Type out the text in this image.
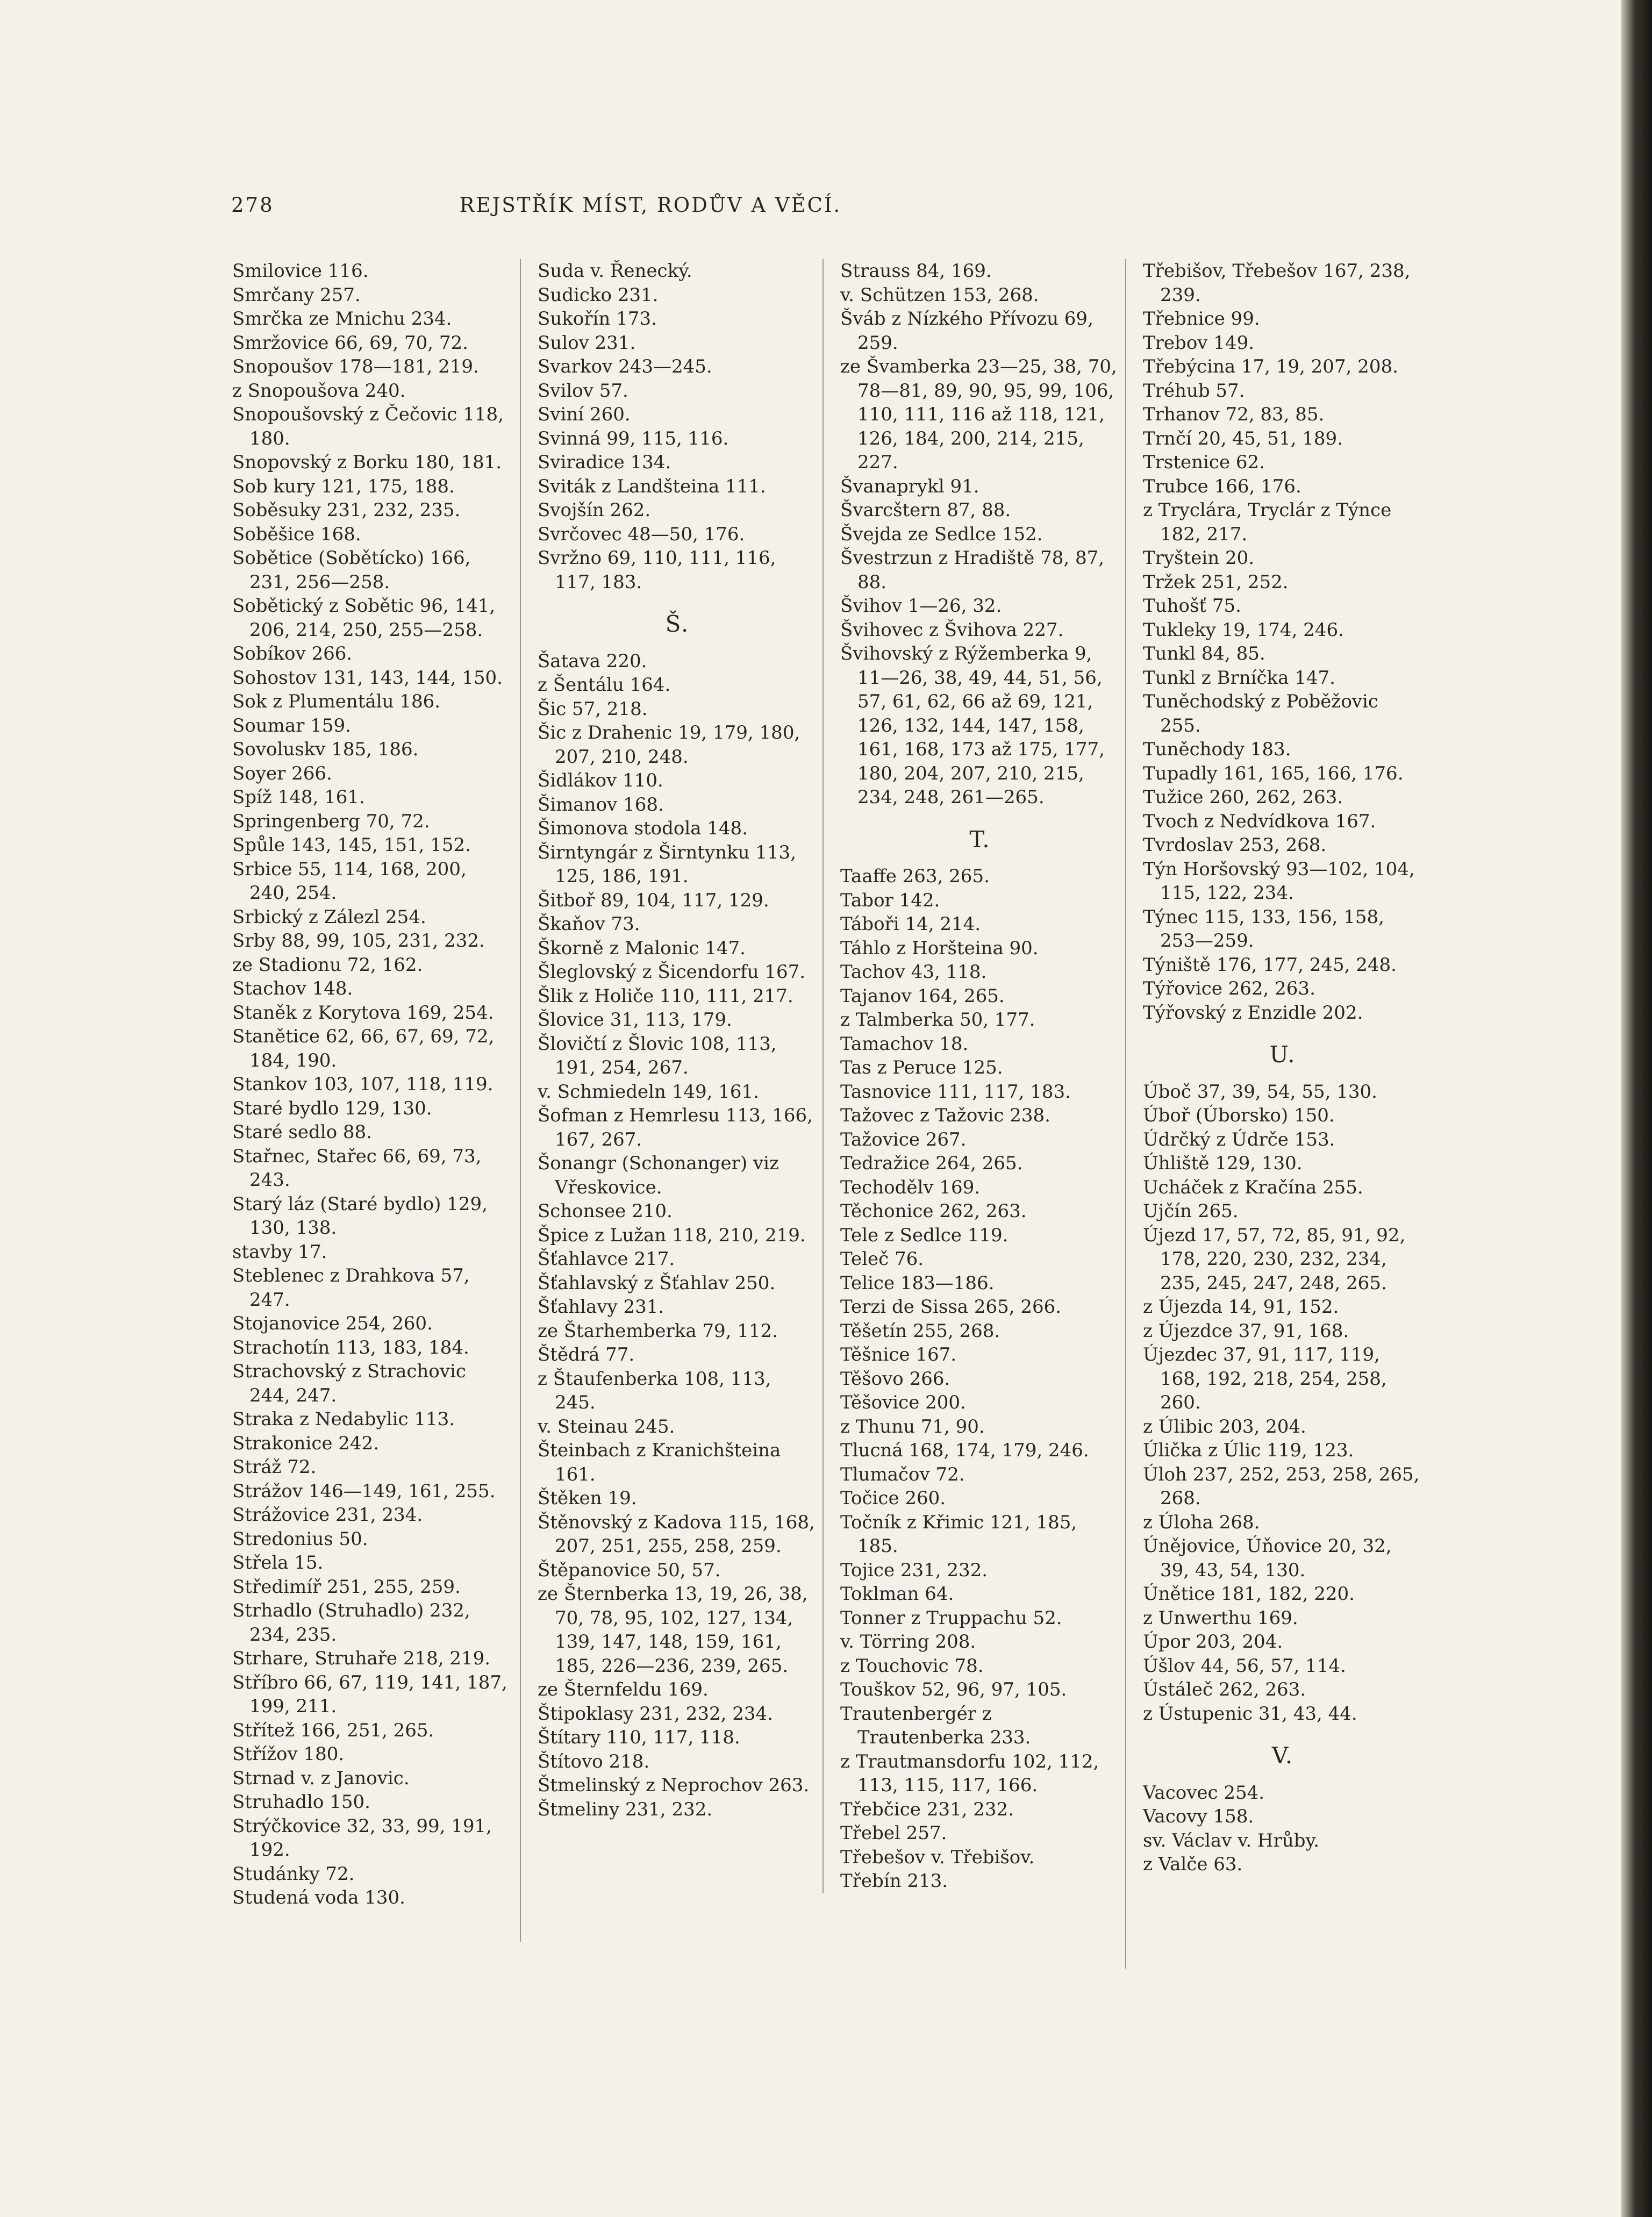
278	REJSTŘÍK MÍST, RODŮV A VĚCÍ.
Smilovice 116.
Smrčany 257.
Smrčka ze Mnichu 234.
Smržovice 66, 69, 70, 72.
Snopoušov 178—181, 219.
z Snopoušova 240.
Snopoušovský z Čečovic 118, 180.
Snopovský z Borku 180, 181.
Sob kury 121, 175, 188.
Soběsuky 231, 232, 235.
Soběšice 168.
Sobětice (Sobětícko) 166, 231, 256—258.
Sobětický z Sobětic 96, 141, 206, 214, 250, 255—258.
Sobíkov 266.
Sohostov 131, 143, 144, 150.
Sok z Plumentálu 186.
Soumar 159.
Sovoluskv 185, 186.
Soyer 266.
Spíž 148, 161.
Springenberg 70, 72.
Spůle 143, 145, 151, 152.
Srbice 55, 114, 168, 200, 240, 254.
Srbický z Zálezl 254.
Srby 88, 99, 105, 231, 232.
ze Stadionu 72, 162.
Stachov 148.
Staněk z Korytova 169, 254.
Stanětice 62, 66, 67, 69, 72, 184, 190.
Stankov 103, 107, 118, 119.
Staré bydlo 129, 130.
Staré sedlo 88.
Stařnec, Stařec 66, 69, 73, 243.
Starý láz (Staré bydlo) 129, 130, 138.
stavby 17.
Steblenec z Drahkova 57, 247.
Stojanovice 254, 260.
Strachotín 113, 183, 184.
Strachovský z Strachovic 244, 247.
Straka z Nedabylic 113.
Strakonice 242.
Stráž 72.
Strážov 146—149, 161, 255.
Strážovice 231, 234.
Stredonius 50.
Střela 15.
Středimíř 251, 255, 259.
Strhadlo (Struhadlo) 232, 234, 235.
Strhare, Struhaře 218, 219.
Stříbro 66, 67, 119, 141, 187, 199, 211.
Střítež 166, 251, 265.
Střížov 180.
Strnad v. z Janovic.
Struhadlo 150.
Strýčkovice 32, 33, 99, 191, 192.
Studánky 72.
Studená voda 130.
Suda v. Řenecký.
Sudicko 231.
Sukořín 173.
Sulov 231.
Svarkov 243—245.
Svilov 57.
Sviní 260.
Svinná 99, 115, 116.
Sviradice 134.
Sviták z Landšteina 111.
Svojšín 262.
Svrčovec 48—50, 176.
Svržno 69, 110, 111, 116, 117, 183.
Š.
Šatava 220.
z Šentálu 164.
Šic 57, 218.
Šic z Drahenic 19, 179, 180, 207, 210, 248.
Šidlákov 110.
Šimanov 168.
Šimonova stodola 148.
Širntyngár z Širntynku 113, 125, 186, 191.
Šitboř 89, 104, 117, 129.
Škaňov 73.
Škorně z Malonic 147.
Šleglovský z Šicendorfu 167.
Šlik z Holiče 110, 111, 217.
Šlovice 31, 113, 179.
Šlovičtí z Šlovic 108, 113, 191, 254, 267.
v. Schmiedeln 149, 161.
Šofman z Hemrlesu 113, 166, 167, 267.
Šonangr (Schonanger) viz Vřeskovice.
Schonsee 210.
Špice z Lužan 118, 210, 219.
Šťahlavce 217.
Šťahlavský z Šťahlav 250.
Šťahlavy 231.
ze Štarhemberka 79, 112.
Štědrá 77.
z Štaufenberka 108, 113, 245.
v. Steinau 245.
Šteinbach z Kranichšteina 161.
Štěken 19.
Štěnovský z Kadova 115, 168, 207, 251, 255, 258, 259.
Štěpanovice 50, 57.
ze Šternberka 13, 19, 26, 38, 70, 78, 95, 102, 127, 134, 139, 147, 148, 159, 161, 185, 226—236, 239, 265.
ze Šternfeldu 169.
Štipoklasy 231, 232, 234.
Štítary 110, 117, 118.
Štítovo 218.
Štmelinský z Neprochov 263.
Štmeliny 231, 232.
Strauss 84, 169.
v. Schützen 153, 268.
Šváb z Nízkého Přívozu 69, 259.
ze Švamberka 23—25, 38, 70, 78—81, 89, 90, 95, 99, 106, 110, 111, 116 až 118, 121, 126, 184, 200, 214, 215, 227.
Švanaprykl 91.
Švarcštern 87, 88.
Švejda ze Sedlce 152.
Švestrzun z Hradiště 78, 87, 88.
Švihov 1—26, 32.
Švihovec z Švihova 227.
Švihovský z Rýžemberka 9, 11—26, 38, 49, 44, 51, 56, 57, 61, 62, 66 až 69, 121, 126, 132, 144, 147, 158, 161, 168, 173 až 175, 177, 180, 204, 207, 210, 215, 234, 248, 261—265.
T.
Taaffe 263, 265.
Tabor 142.
Táboři 14, 214.
Táhlo z Horšteina 90.
Tachov 43, 118.
Tajanov 164, 265.
z Talmberka 50, 177.
Tamachov 18.
Tas z Peruce 125.
Tasnovice 111, 117, 183.
Tažovec z Tažovic 238.
Tažovice 267.
Tedražice 264, 265.
Techodělv 169.
Těchonice 262, 263.
Tele z Sedlce 119.
Teleč 76.
Telice 183—186.
Terzi de Sissa 265, 266.
Těšetín 255, 268.
Těšnice 167.
Těšovo 266.
Těšovice 200.
z Thunu 71, 90.
Tlucná 168, 174, 179, 246.
Tlumačov 72.
Točice 260.
Točník z Křimic 121, 185, 185.
Tojice 231, 232.
Toklman 64.
Tonner z Truppachu 52.
v. Törring 208.
z Touchovic 78.
Touškov 52, 96, 97, 105.
Trautenbergér z Trautenberka 233.
z Trautmansdorfu 102, 112, 113, 115, 117, 166.
Třebčice 231, 232.
Třebel 257.
Třebešov v. Třebišov.
Třebín 213.
Třebišov, Třebešov 167, 238, 239.
Třebnice 99.
Trebov 149.
Třebýcina 17, 19, 207, 208.
Tréhub 57.
Trhanov 72, 83, 85.
Trnčí 20, 45, 51, 189.
Trstenice 62.
Trubce 166, 176.
z Tryclára, Tryclár z Týnce 182, 217.
Tryštein 20.
Tržek 251, 252.
Tuhošť 75.
Tukleky 19, 174, 246.
Tunkl 84, 85.
Tunkl z Brníčka 147.
Tuněchodský z Poběžovic 255.
Tuněchody 183.
Tupadly 161, 165, 166, 176.
Tužice 260, 262, 263.
Tvoch z Nedvídkova 167.
Tvrdoslav 253, 268.
Týn Horšovský 93—102, 104, 115, 122, 234.
Týnec 115, 133, 156, 158, 253—259.
Týniště 176, 177, 245, 248.
Týřovice 262, 263.
Týřovský z Enzidle 202.
U.
Úboč 37, 39, 54, 55, 130.
Úboř (Úborsko) 150.
Údrčký z Údrče 153.
Úhliště 129, 130.
Ucháček z Kračína 255.
Ujčín 265.
Újezd 17, 57, 72, 85, 91, 92, 178, 220, 230, 232, 234, 235, 245, 247, 248, 265.
z Újezda 14, 91, 152.
z Újezdce 37, 91, 168.
Újezdec 37, 91, 117, 119, 168, 192, 218, 254, 258, 260.
z Úlibic 203, 204.
Úlička z Úlic 119, 123.
Úloh 237, 252, 253, 258, 265, 268.
z Úloha 268.
Únějovice, Úňovice 20, 32, 39, 43, 54, 130.
Únětice 181, 182, 220.
z Unwerthu 169.
Úpor 203, 204.
Úšlov 44, 56, 57, 114.
Ústáleč 262, 263.
z Ústupenic 31, 43, 44.
V.
Vacovec 254.
Vacovy 158.
sv. Václav v. Hrůby.
z Valče 63.
